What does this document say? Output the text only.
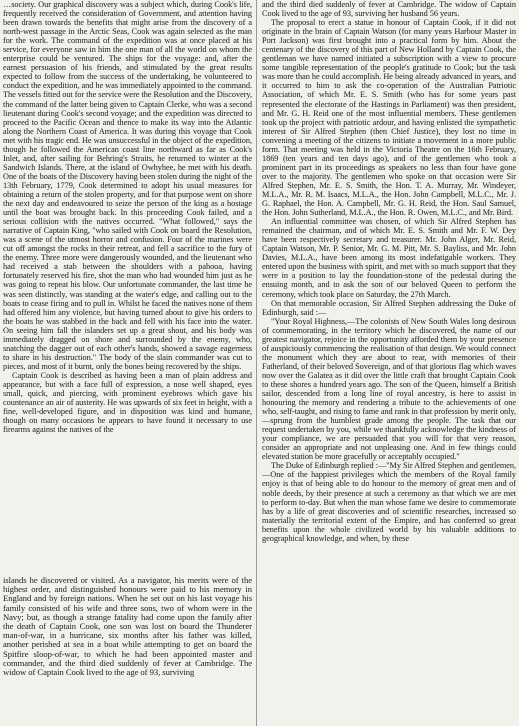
…society. Our graphical discovery was a subject which, during Cook's life, frequently received the consideration of Government, and attention having been drawn towards the benefits that might arise from the discovery of a north-west passage in the Arctic Seas, Cook was again selected as the man for the work. The command of the expedition was at once placed at his service, for everyone saw in him the one man of all the world on whom the enterprise could be ventured. The ships for the voyage: and, after the earnest persuasion of his friends, and stimulated by the great results expected to follow from the success of the undertaking, he volunteered to conduct the expedition, and he was immediately appointed to the command. The vessels fitted out for the service were the Resolution and the Discovery, the command of the latter being given to Captain Clerke, who was a second lieutenant during Cook's second voyage; and the expedition was directed to proceed to the Pacific Ocean and thence to make its way into the Atlantic along the Northern Coast of America. It was during this voyage that Cook met with his tragic end. He was unsuccessful in the object of the expedition, though he followed the American coast line northward as far as Cook's Inlet, and, after sailing for Behring's Straits, he returned to winter at the Sandwich Islands. There, at the island of Owhyhee, he met with his death. One of the boats of the Discovery having been stolen during the night of the 13th February, 1779, Cook determined to adopt his usual measures for obtaining a return of the stolen property, and for that purpose went on shore the next day and endeavoured to seize the person of the king as a hostage until the boat was brought back. In this proceeding Cook failed, and a serious collision with the natives occurred. "What followed," says the narrative of Captain King, "who sailed with Cook on board the Resolution, was a scene of the utmost horror and confusion. Four of the marines were cut off amongst the rocks in their retreat, and fell a sacrifice to the fury of the enemy. Three more were dangerously wounded, and the lieutenant who had received a stab between the shoulders with a pahooa, having fortunately reserved his fire, shot the man who had wounded him just as he was going to repeat his blow. Our unfortunate commander, the last time he was seen distinctly, was standing at the water's edge, and calling out to the boats to cease firing and to pull in. Whilst he faced the natives none of them had offered him any violence, but having turned about to give his orders to the boats he was stabbed in the back and fell with his face into the water. On seeing him fall the islanders set up a great shout, and his body was immediately dragged on shore and surrounded by the enemy, who, snatching the dagger out of each other's hands, showed a savage eagerness to share in his destruction." The body of the slain commander was cut to pieces, and most of it burnt, only the bones being recovered by the ships.

Captain Cook is described as having been a man of plain address and appearance, but with a face full of expression, a nose well shaped, eyes small, quick, and piercing, with prominent eyebrows which gave his countenance an air of austerity. He was upwards of six feet in height, with a fine, well-developed figure, and in disposition was kind and humane, though on many occasions he appears to have found it necessary to use firearms against the natives of the

islands he discovered or visited. As a navigator, his merits were of the highest order, and distinguished honours were paid to his memory in England and by foreign nations. When he set out on his last voyage his family consisted of his wife and three sons, two of whom were in the Navy; but, as though a strange fatality had come upon the family after the death of Captain Cook, one son was lost on board the Thunderer man-of-war, in a hurricane, six months after his father was killed, another perished at sea in a boat while attempting to get on board the Spitfire sloop-of-war, to which he had been appointed master and commander, and the third died suddenly of fever at Cambridge. The widow of Captain Cook lived to the age of 93, surviving

and the third died suddenly of fever at Cambridge. The widow of Captain Cook lived to the age of 93, surviving her husband 56 years.

The proposal to erect a statue in honour of Captain Cook, if it did not originate in the brain of Captain Watson (for many years Harbour Master in Port Jackson) was first brought into a practical form by him. About the centenary of the discovery of this part of New Holland by Captain Cook, the gentleman we have named initiated a subscription with a view to procure some tangible representation of the people's gratitude to Cook; but the task was more than he could accomplish. He being already advanced in years, and it occurred to him to ask the co-operation of the Australian Patriotic Association, of which Mr. E. S. Smith (who has for some years past represented the electorate of the Hastings in Parliament) was then president, and Mr. G. H. Reid one of the most influential members. These gentlemen took up the project with patriotic ardour, and having enlisted the sympathetic interest of Sir Alfred Stephen (then Chief Justice), they lost no time in convening a meeting of the citizens to initiate a movement in a more public form. That meeting was held in the Victoria Theatre on the 16th February, 1869 (ten years and ten days ago), and of the gentlemen who took a prominent part in its proceedings as speakers no less than four have gone over to the majority. The gentlemen who spoke on that occasion were Sir Alfred Stephen, Mr. E. S. Smith, the Hon. T. A. Murray, Mr. Windeyer, M.L.A., Mr. R. M. Isaacs, M.L.A., the Hon. John Campbell, M.L.C., Mr. J. G. Raphael, the Hon. A. Campbell, Mr. G. H. Reid, the Hon. Saul Samuel, the Hon. John Sutherland, M.L.A., the Hon. R. Owen, M.L.C., and Mr. Bird.

An influential committee was chosen, of which Sir Alfred Stephen has remained the chairman, and of which Mr. E. S. Smith and Mr. F. W. Dey have been respectively secretary and treasurer. Mr. John Alger, Mr. Reid, Captain Watson, Mr. P. Senior, Mr. G. M. Pitt, Mr. S. Bayliss, and Mr. John Davies, M.L.A., have been among its most indefatigable workers. They entered upon the business with spirit, and met with so much support that they were in a position to lay the foundation-stone of the pedestal during the ensuing month, and to ask the son of our beloved Queen to perform the ceremony, which took place on Saturday, the 27th March.

On that memorable occasion, Sir Alfred Stephen addressing the Duke of Edinburgh, said :—

"Your Royal Highness,—The colonists of New South Wales long desirous of commemorating, in the territory which he discovered, the name of our greatest navigator, rejoice in the opportunity afforded them by your presence of auspiciously commencing the realisation of that design. We would connect the monument which they are about to rear, with memories of their Fatherland, of their beloved Sovereign, and of that glorious flag which waves now over the Galatea as it did over the little craft that brought Captain Cook to these shores a hundred years ago. The son of the Queen, himself a British sailor, descended from a long line of royal ancestry, is here to assist in honouring the memory and rendering a tribute to the achievements of one who, self-taught, and rising to fame and rank in that profession by merit only,—sprung from the humblest grade among the people. The task that our request undertaken by you, while we thankfully acknowledge the kindness of your compliance, we are persuaded that you will for that very reason, consider an appropriate and not unpleasing one. And in few things could elevated station be more gracefully or acceptably occupied."

The Duke of Edinburgh replied :—"My Sir Alfred Stephen and gentlemen,—One of the happiest privileges which the members of the Royal family enjoy is that of being able to do honour to the memory of great men and of noble deeds, by their presence at such a ceremony as that which we are met to perform to-day. But when the man whose fame we desire to commemorate has by a life of great discoveries and of scientific researches, increased so materially the territorial extent of the Empire, and has conferred so great benefits upon the whole civilized world by his valuable additions to geographical knowledge, and when, by these
